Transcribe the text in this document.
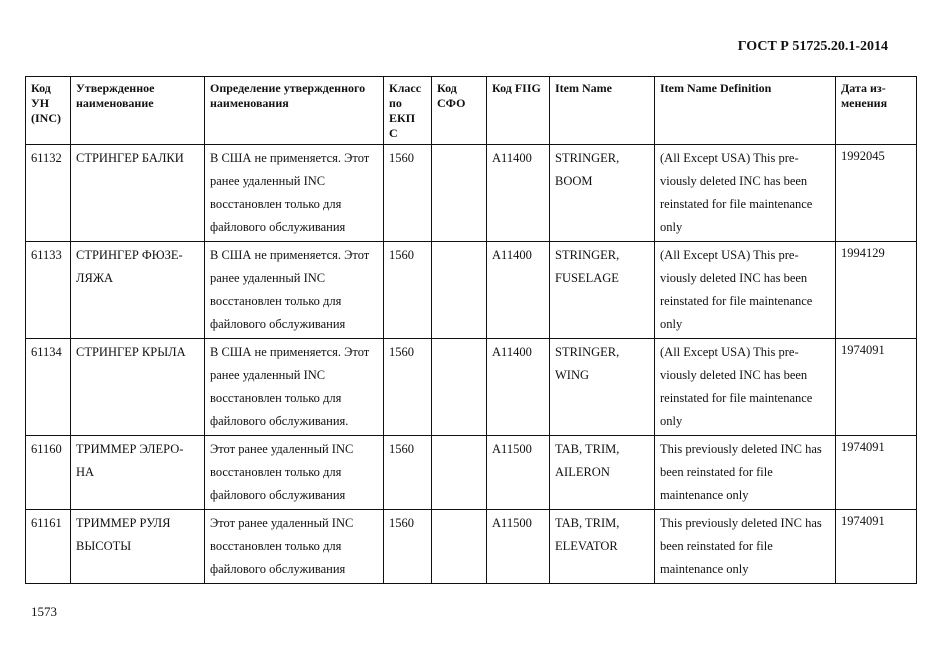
ГОСТ Р 51725.20.1-2014
Код УН (INC)	Утвержденное наименование	Определение утвержденного наименования	Класс по ЕКП С	Код СФО	Код FIIG	Item Name	Item Name Definition	Дата из-менения
61132	СТРИНГЕР БАЛКИ	В США не применяется. Этот ранее удаленный INC восстановлен только для файлового обслуживания	1560		A11400	STRINGER, BOOM	(All Except USA) This pre-viously deleted INC has been reinstated for file maintenance only	1992045
61133	СТРИНГЕР ФЮЗЕ-ЛЯЖА	В США не применяется. Этот ранее удаленный INC восстановлен только для файлового обслуживания	1560		A11400	STRINGER, FUSELAGE	(All Except USA) This pre-viously deleted INC has been reinstated for file maintenance only	1994129
61134	СТРИНГЕР КРЫЛА	В США не применяется. Этот ранее удаленный INC восстановлен только для файлового обслуживания.	1560		A11400	STRINGER, WING	(All Except USA) This pre-viously deleted INC has been reinstated for file maintenance only	1974091
61160	ТРИММЕР ЭЛЕРО-НА	Этот ранее удаленный INC восстановлен только для файлового обслуживания	1560		A11500	TAB, TRIM, AILERON	This previously deleted INC has been reinstated for file maintenance only	1974091
61161	ТРИММЕР РУЛЯ ВЫСОТЫ	Этот ранее удаленный INC восстановлен только для файлового обслуживания	1560		A11500	TAB, TRIM, ELEVATOR	This previously deleted INC has been reinstated for file maintenance only	1974091
1573
